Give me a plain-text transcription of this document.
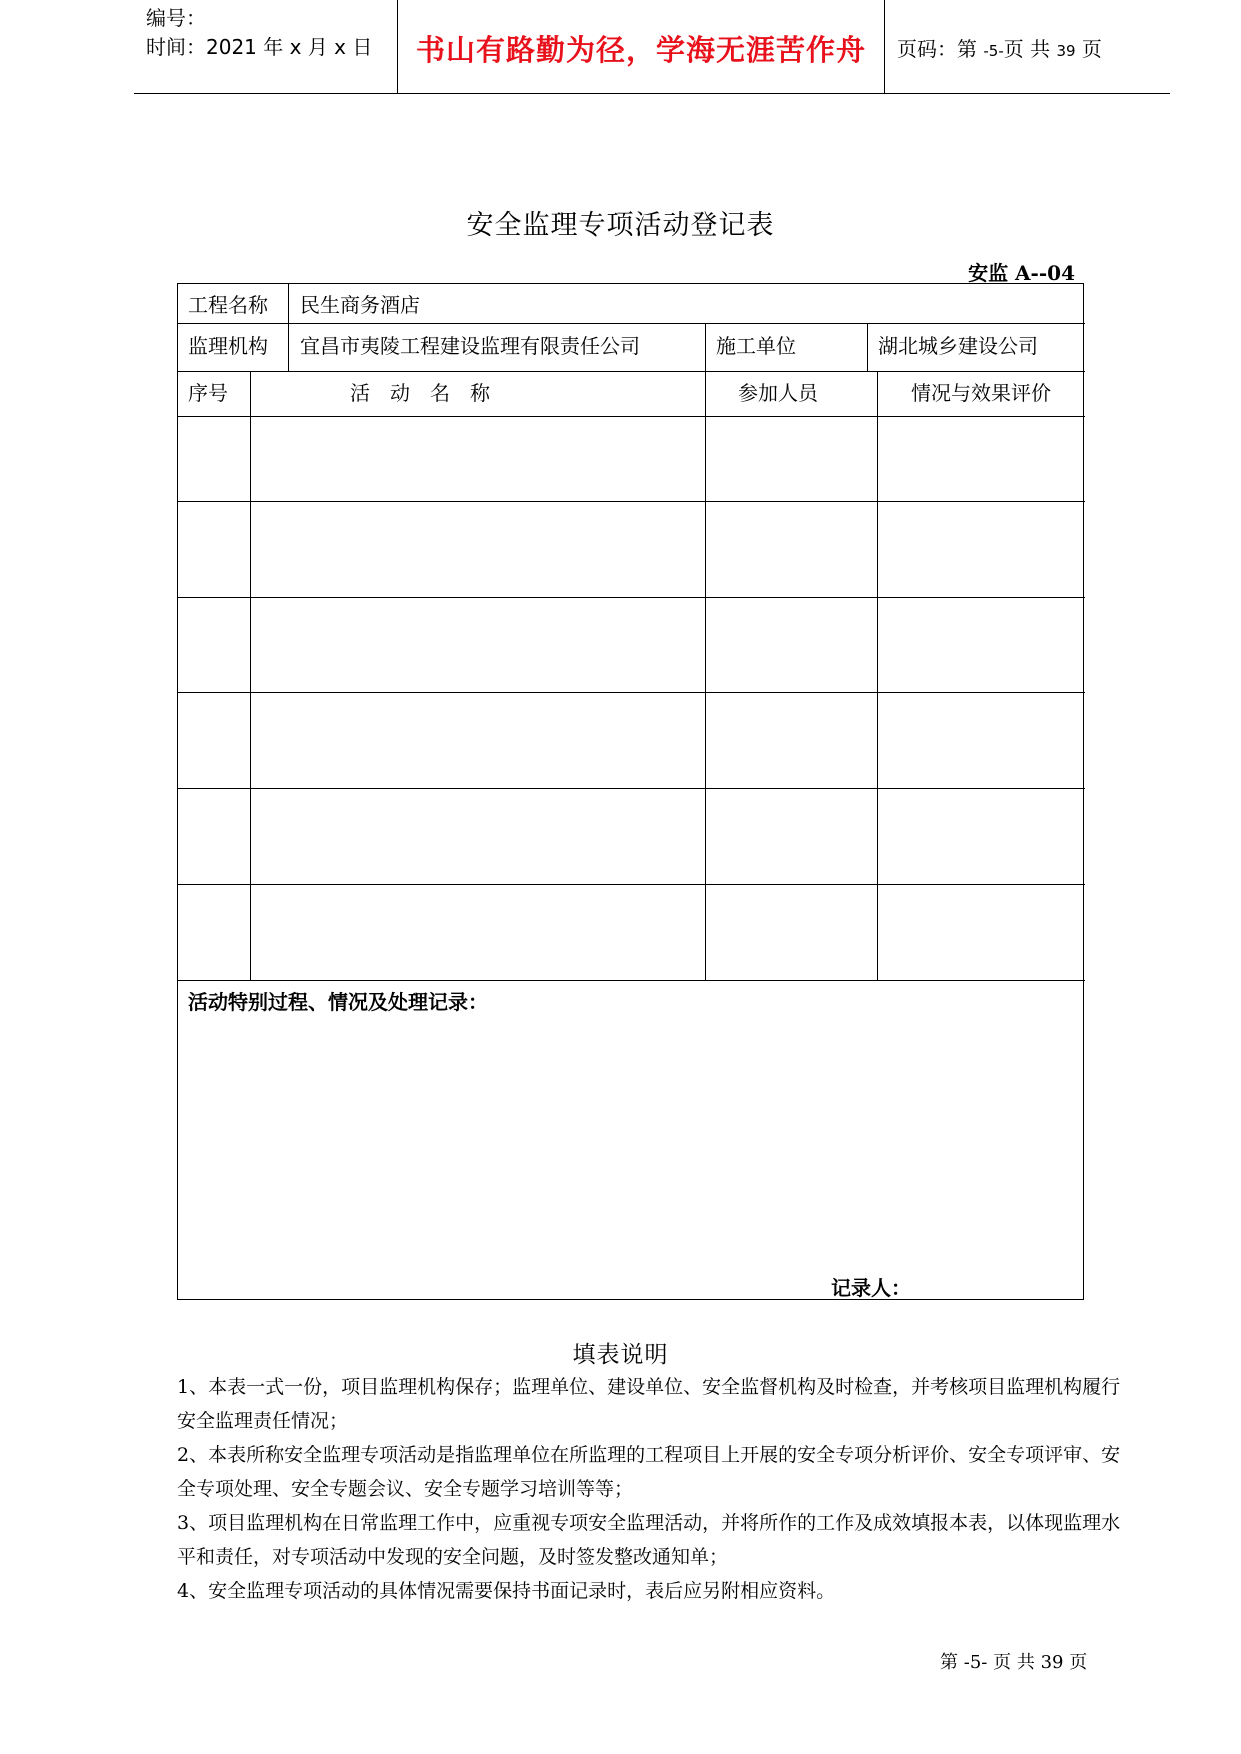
编号：
时间：2021 年 x 月 x 日	书山有路勤为径，学海无涯苦作舟	页码：第 -5-页 共 39 页
安全监理专项活动登记表
安监 A--04
工程名称 民生商务酒店
监理机构 宜昌市夷陵工程建设监理有限责任公司	施工单位	湖北城乡建设公司
序号	活　动　名　称	参加人员	情况与效果评价
活动特别过程、情况及处理记录：
记录人：
填表说明

1、本表一式一份，项目监理机构保存；监理单位、建设单位、安全监督机构及时检查，并考核项目监理机构履行安全监理责任情况；

2、本表所称安全监理专项活动是指监理单位在所监理的工程项目上开展的安全专项分析评价、安全专项评审、安全专项处理、安全专题会议、安全专题学习培训等等；

3、项目监理机构在日常监理工作中，应重视专项安全监理活动，并将所作的工作及成效填报本表，以体现监理水平和责任，对专项活动中发现的安全问题，及时签发整改通知单；

4、安全监理专项活动的具体情况需要保持书面记录时，表后应另附相应资料。

第 -5- 页 共 39 页
